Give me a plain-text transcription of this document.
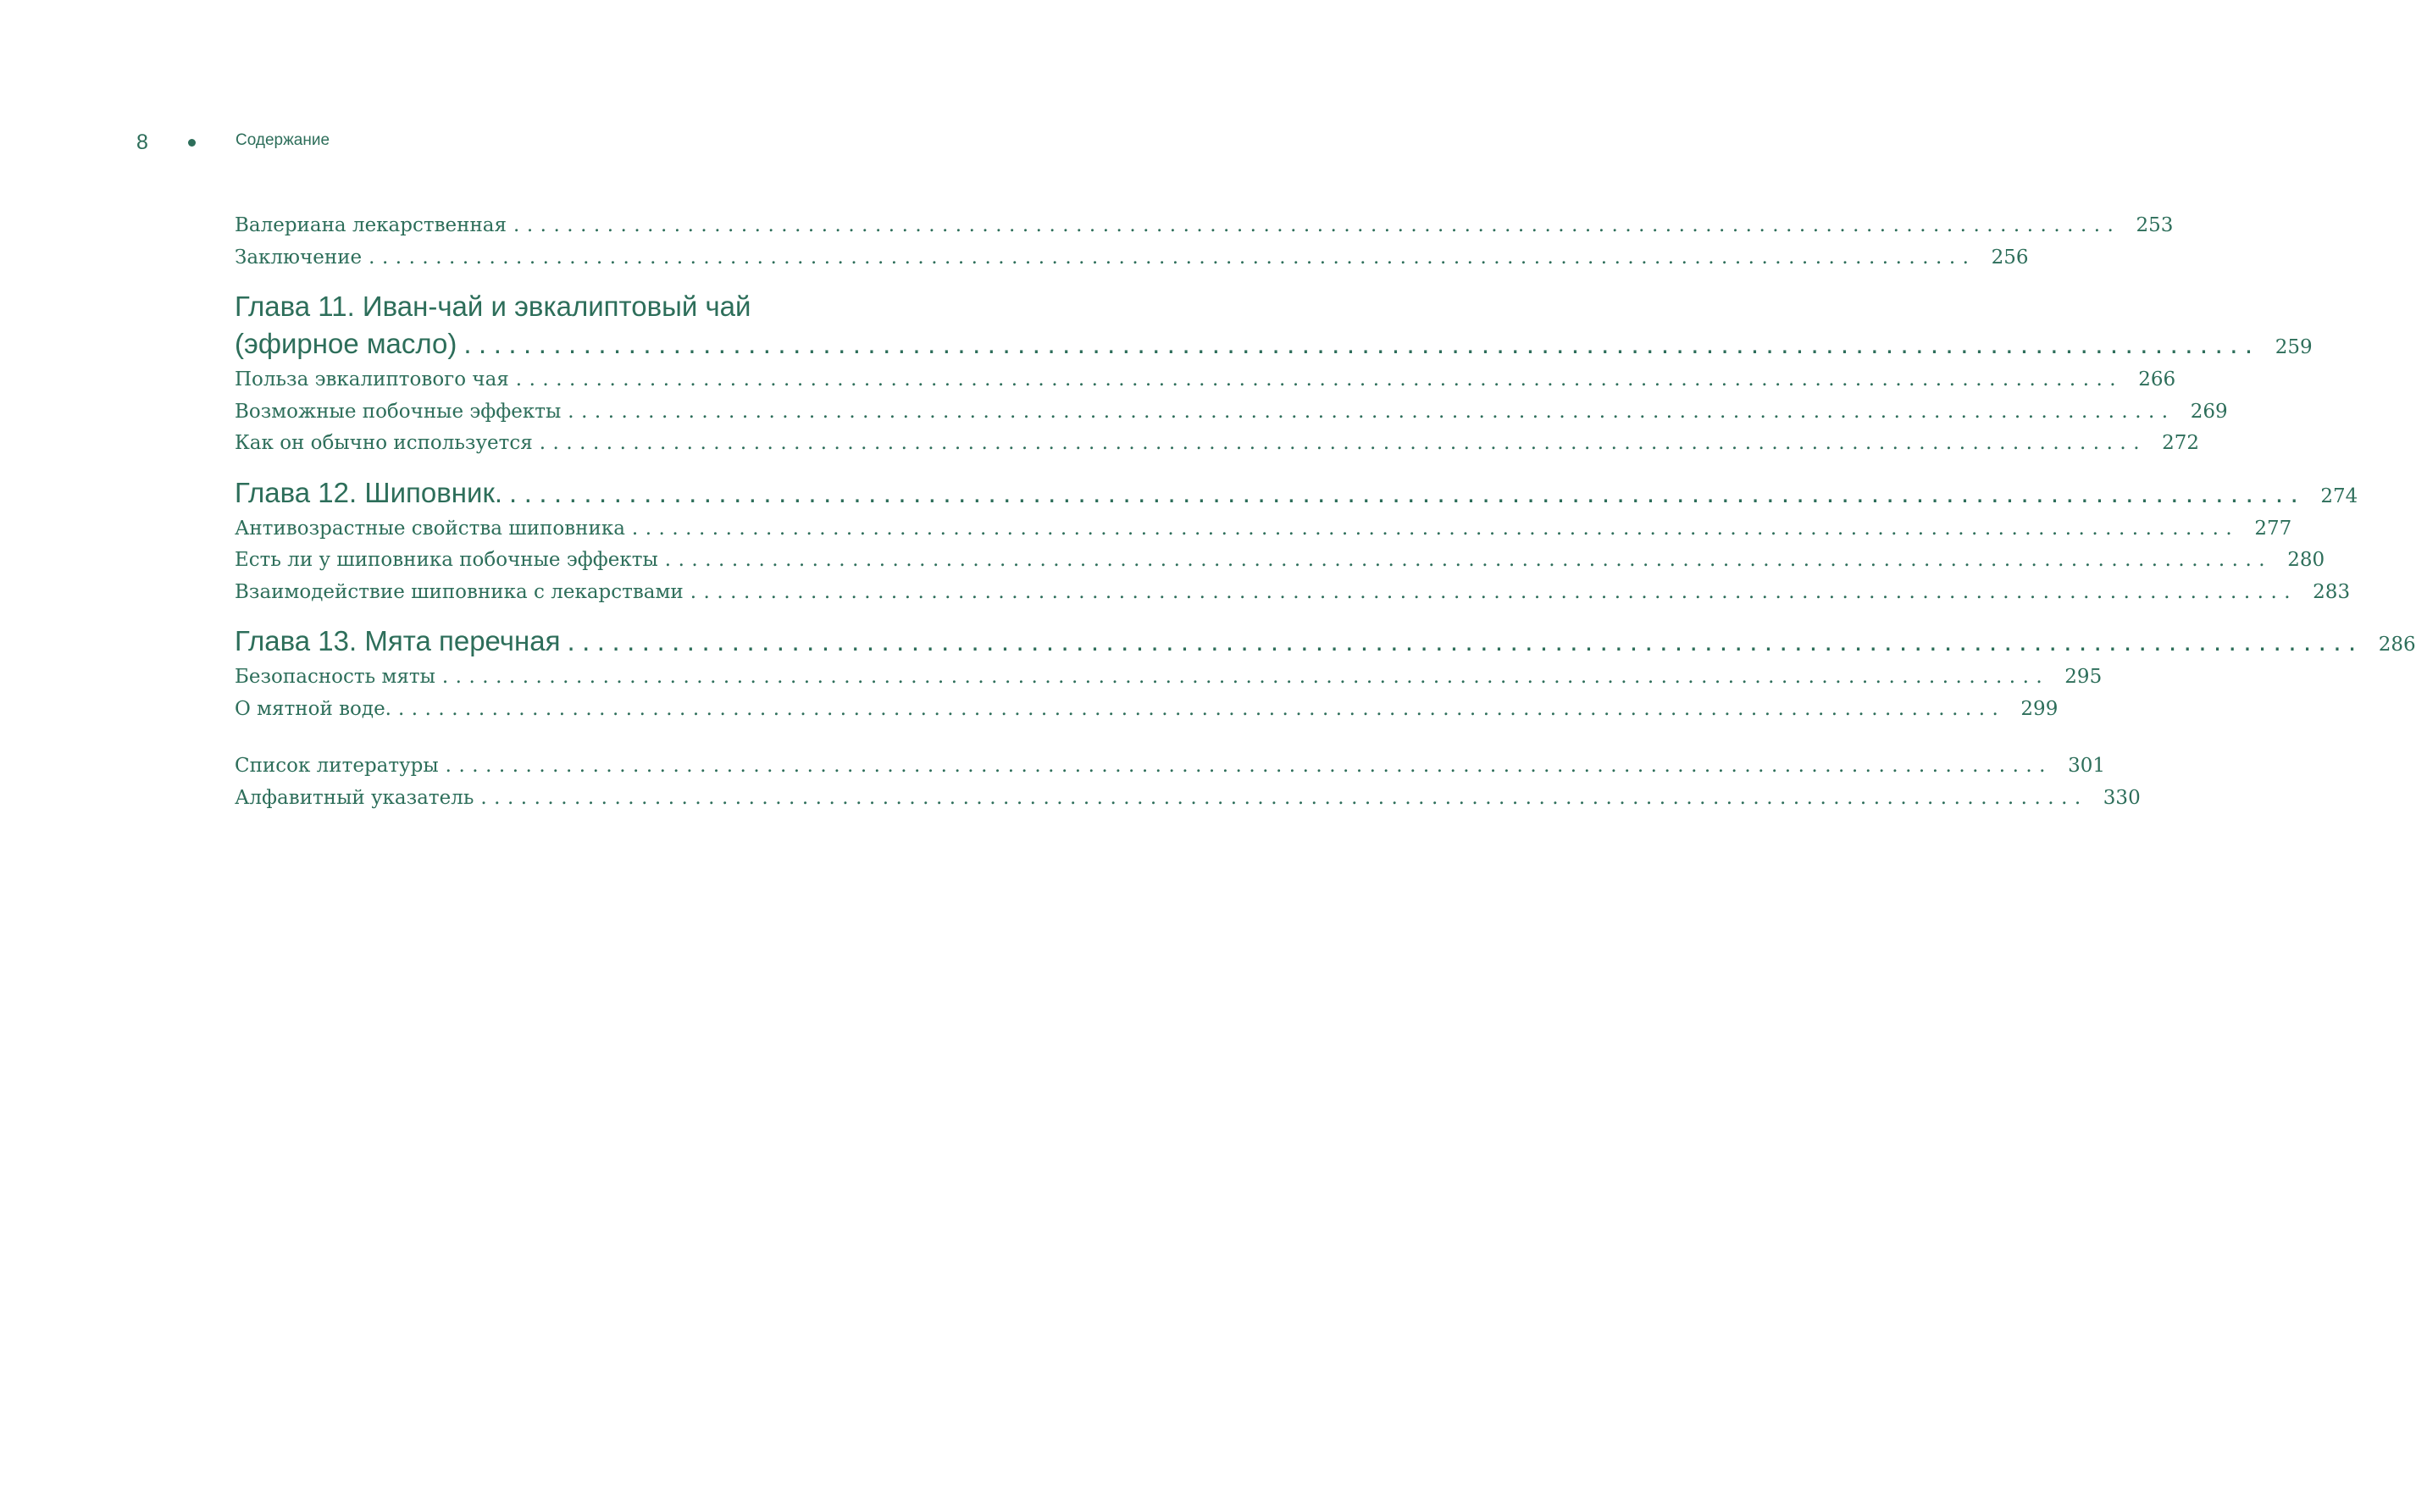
8	Содержание
Валериана лекарственная ........................................................................................................................ 253
Заключение ........................................................................................................................ 256
Глава 11. Иван-чай и эвкалиптовый чай
(эфирное масло) ........................................................................................................................ 259
Польза эвкалиптового чая ........................................................................................................................ 266
Возможные побочные эффекты ........................................................................................................................ 269
Как он обычно используется ........................................................................................................................ 272
Глава 12. Шиповник. ........................................................................................................................ 274
Антивозрастные свойства шиповника ........................................................................................................................ 277
Есть ли у шиповника побочные эффекты ........................................................................................................................ 280
Взаимодействие шиповника с лекарствами ........................................................................................................................ 283
Глава 13. Мята перечная ........................................................................................................................ 286
Безопасность мяты ........................................................................................................................ 295
О мятной воде. ........................................................................................................................ 299
Список литературы ........................................................................................................................ 301
Алфавитный указатель ........................................................................................................................ 330
